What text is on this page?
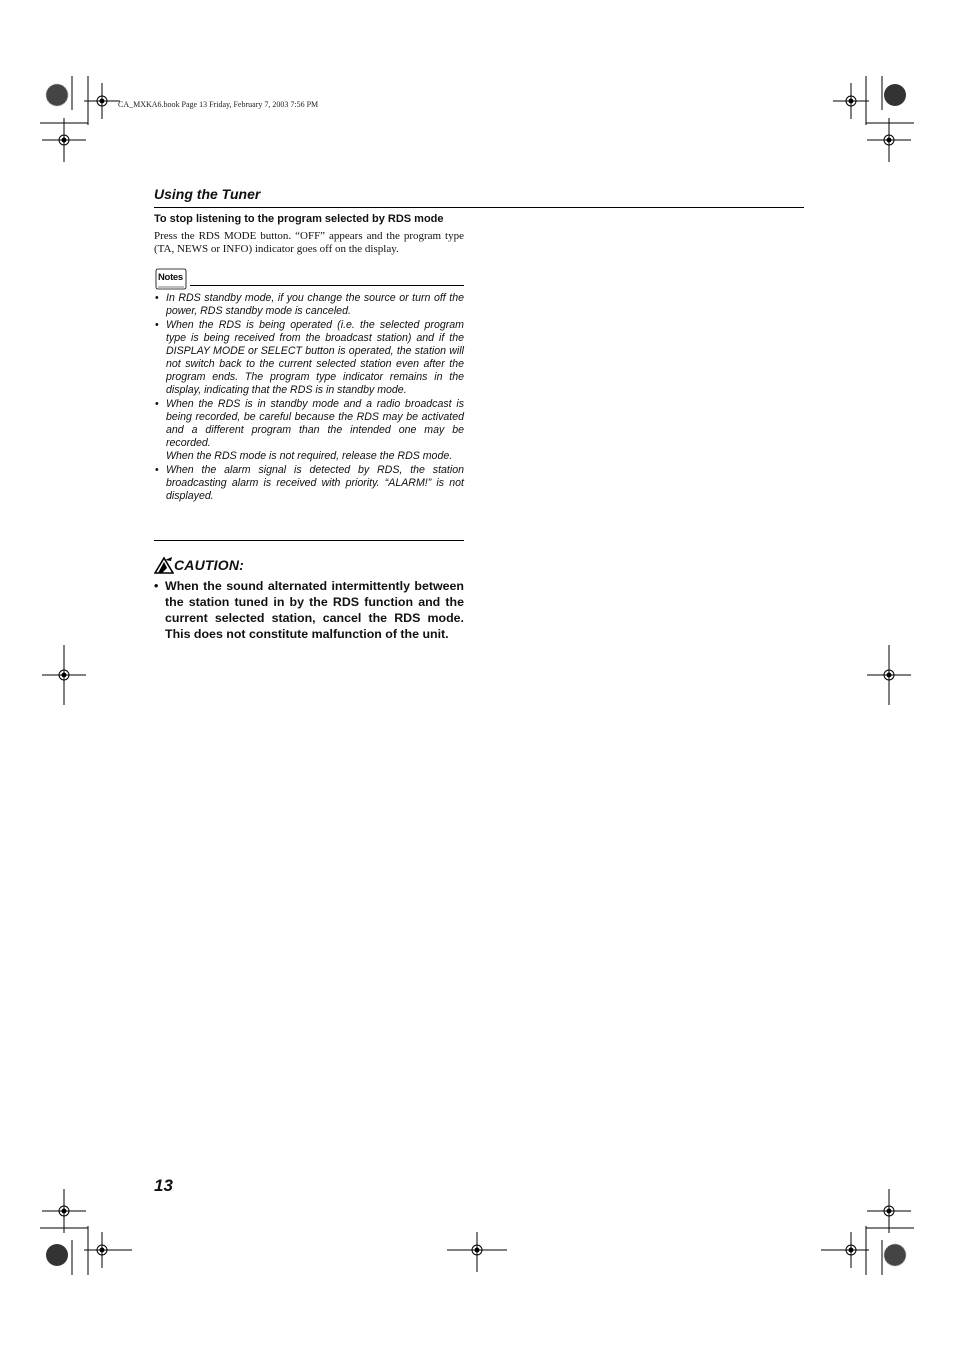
CA_MXKA6.book Page 13 Friday, February 7, 2003 7:56 PM
Using the Tuner
To stop listening to the program selected by RDS mode

Press the RDS MODE button. “OFF” appears and the program type (TA, NEWS or INFO) indicator goes off on the display.

Notes
• In RDS standby mode, if you change the source or turn off the power, RDS standby mode is canceled.

• When the RDS is being operated (i.e. the selected program type is being received from the broadcast station) and if the DISPLAY MODE or SELECT button is operated, the station will not switch back to the current selected station even after the program ends. The program type indicator remains in the display, indicating that the RDS is in standby mode.

• When the RDS is in standby mode and a radio broadcast is being recorded, be careful because the RDS may be activated and a different program than the intended one may be recorded.

When the RDS mode is not required, release the RDS mode.

• When the alarm signal is detected by RDS, the station broadcasting alarm is received with priority. “ALARM!” is not displayed.

CAUTION:
• When the sound alternated intermittently between the station tuned in by the RDS function and the current selected station, cancel the RDS mode. This does not constitute malfunction of the unit.
13
